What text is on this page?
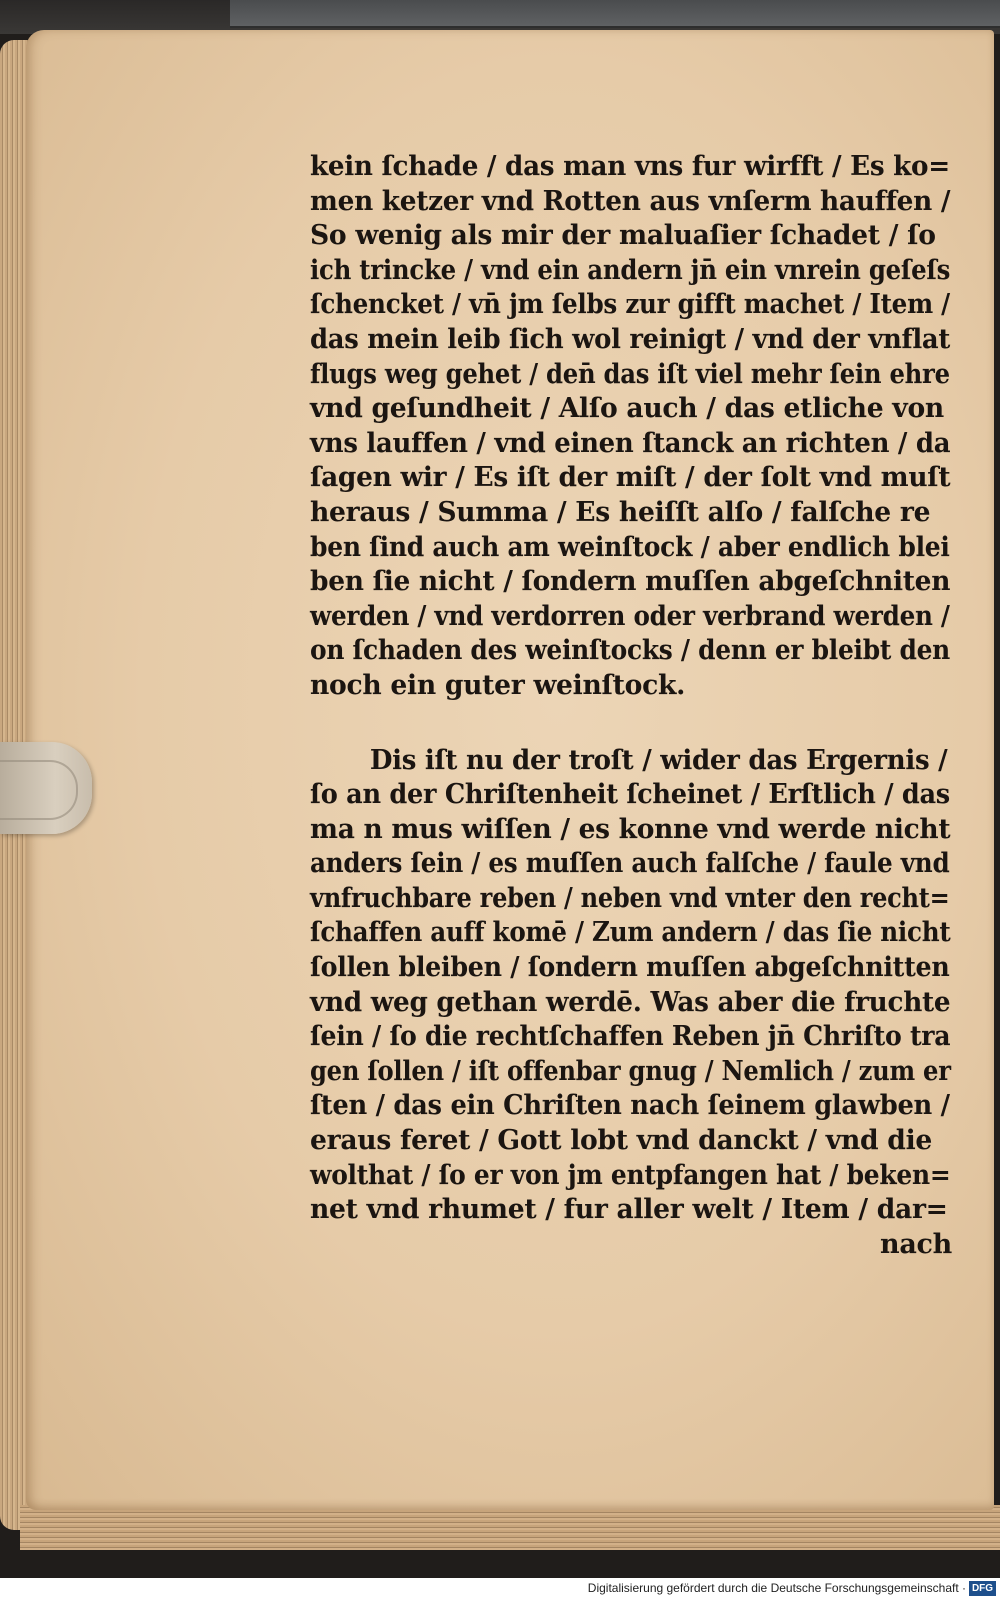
kein ſchade / das man vns fur wirfft / Es ko=
men ketzer vnd Rotten aus vnſerm hauffen /
So wenig als mir der maluaſier ſchadet / ſo
ich trincke / vnd ein andern jn̄ ein vnrein geſeſs
ſchencket / vn̄ jm ſelbs zur gifft machet / Item /
das mein leib ſich wol reinigt / vnd der vnflat
flugs weg gehet / den̄ das iſt viel mehr ſein ehre
vnd geſundheit / Alſo auch / das etliche von
vns lauffen / vnd einen ſtanck an richten / da
ſagen wir / Es iſt der miſt / der ſolt vnd muſt
heraus / Summa / Es heiſſt alſo / falſche re
ben ſind auch am weinſtock / aber endlich blei
ben ſie nicht / ſondern muſſen abgeſchniten
werden / vnd verdorren oder verbrand werden /
on ſchaden des weinſtocks / denn er bleibt den
noch ein guter weinſtock.
Dis iſt nu der troſt / wider das Ergernis /
ſo an der Chriſtenheit ſcheinet / Erſtlich / das
ma n mus wiſſen / es konne vnd werde nicht
anders ſein / es muſſen auch falſche / faule vnd
vnfruchbare reben / neben vnd vnter den recht=
ſchaffen auff komē / Zum andern / das ſie nicht
ſollen bleiben / ſondern muſſen abgeſchnitten
vnd weg gethan werdē. Was aber die fruchte
ſein / ſo die rechtſchaffen Reben jn̄ Chriſto tra
gen ſollen / iſt offenbar gnug / Nemlich / zum er
ſten / das ein Chriſten nach ſeinem glawben /
eraus feret / Gott lobt vnd danckt / vnd die
wolthat / ſo er von jm entpfangen hat / beken=
net vnd rhumet / fur aller welt / Item / dar=
nach
Digitalisierung gefördert durch die Deutsche Forschungsgemeinschaft · DFG
